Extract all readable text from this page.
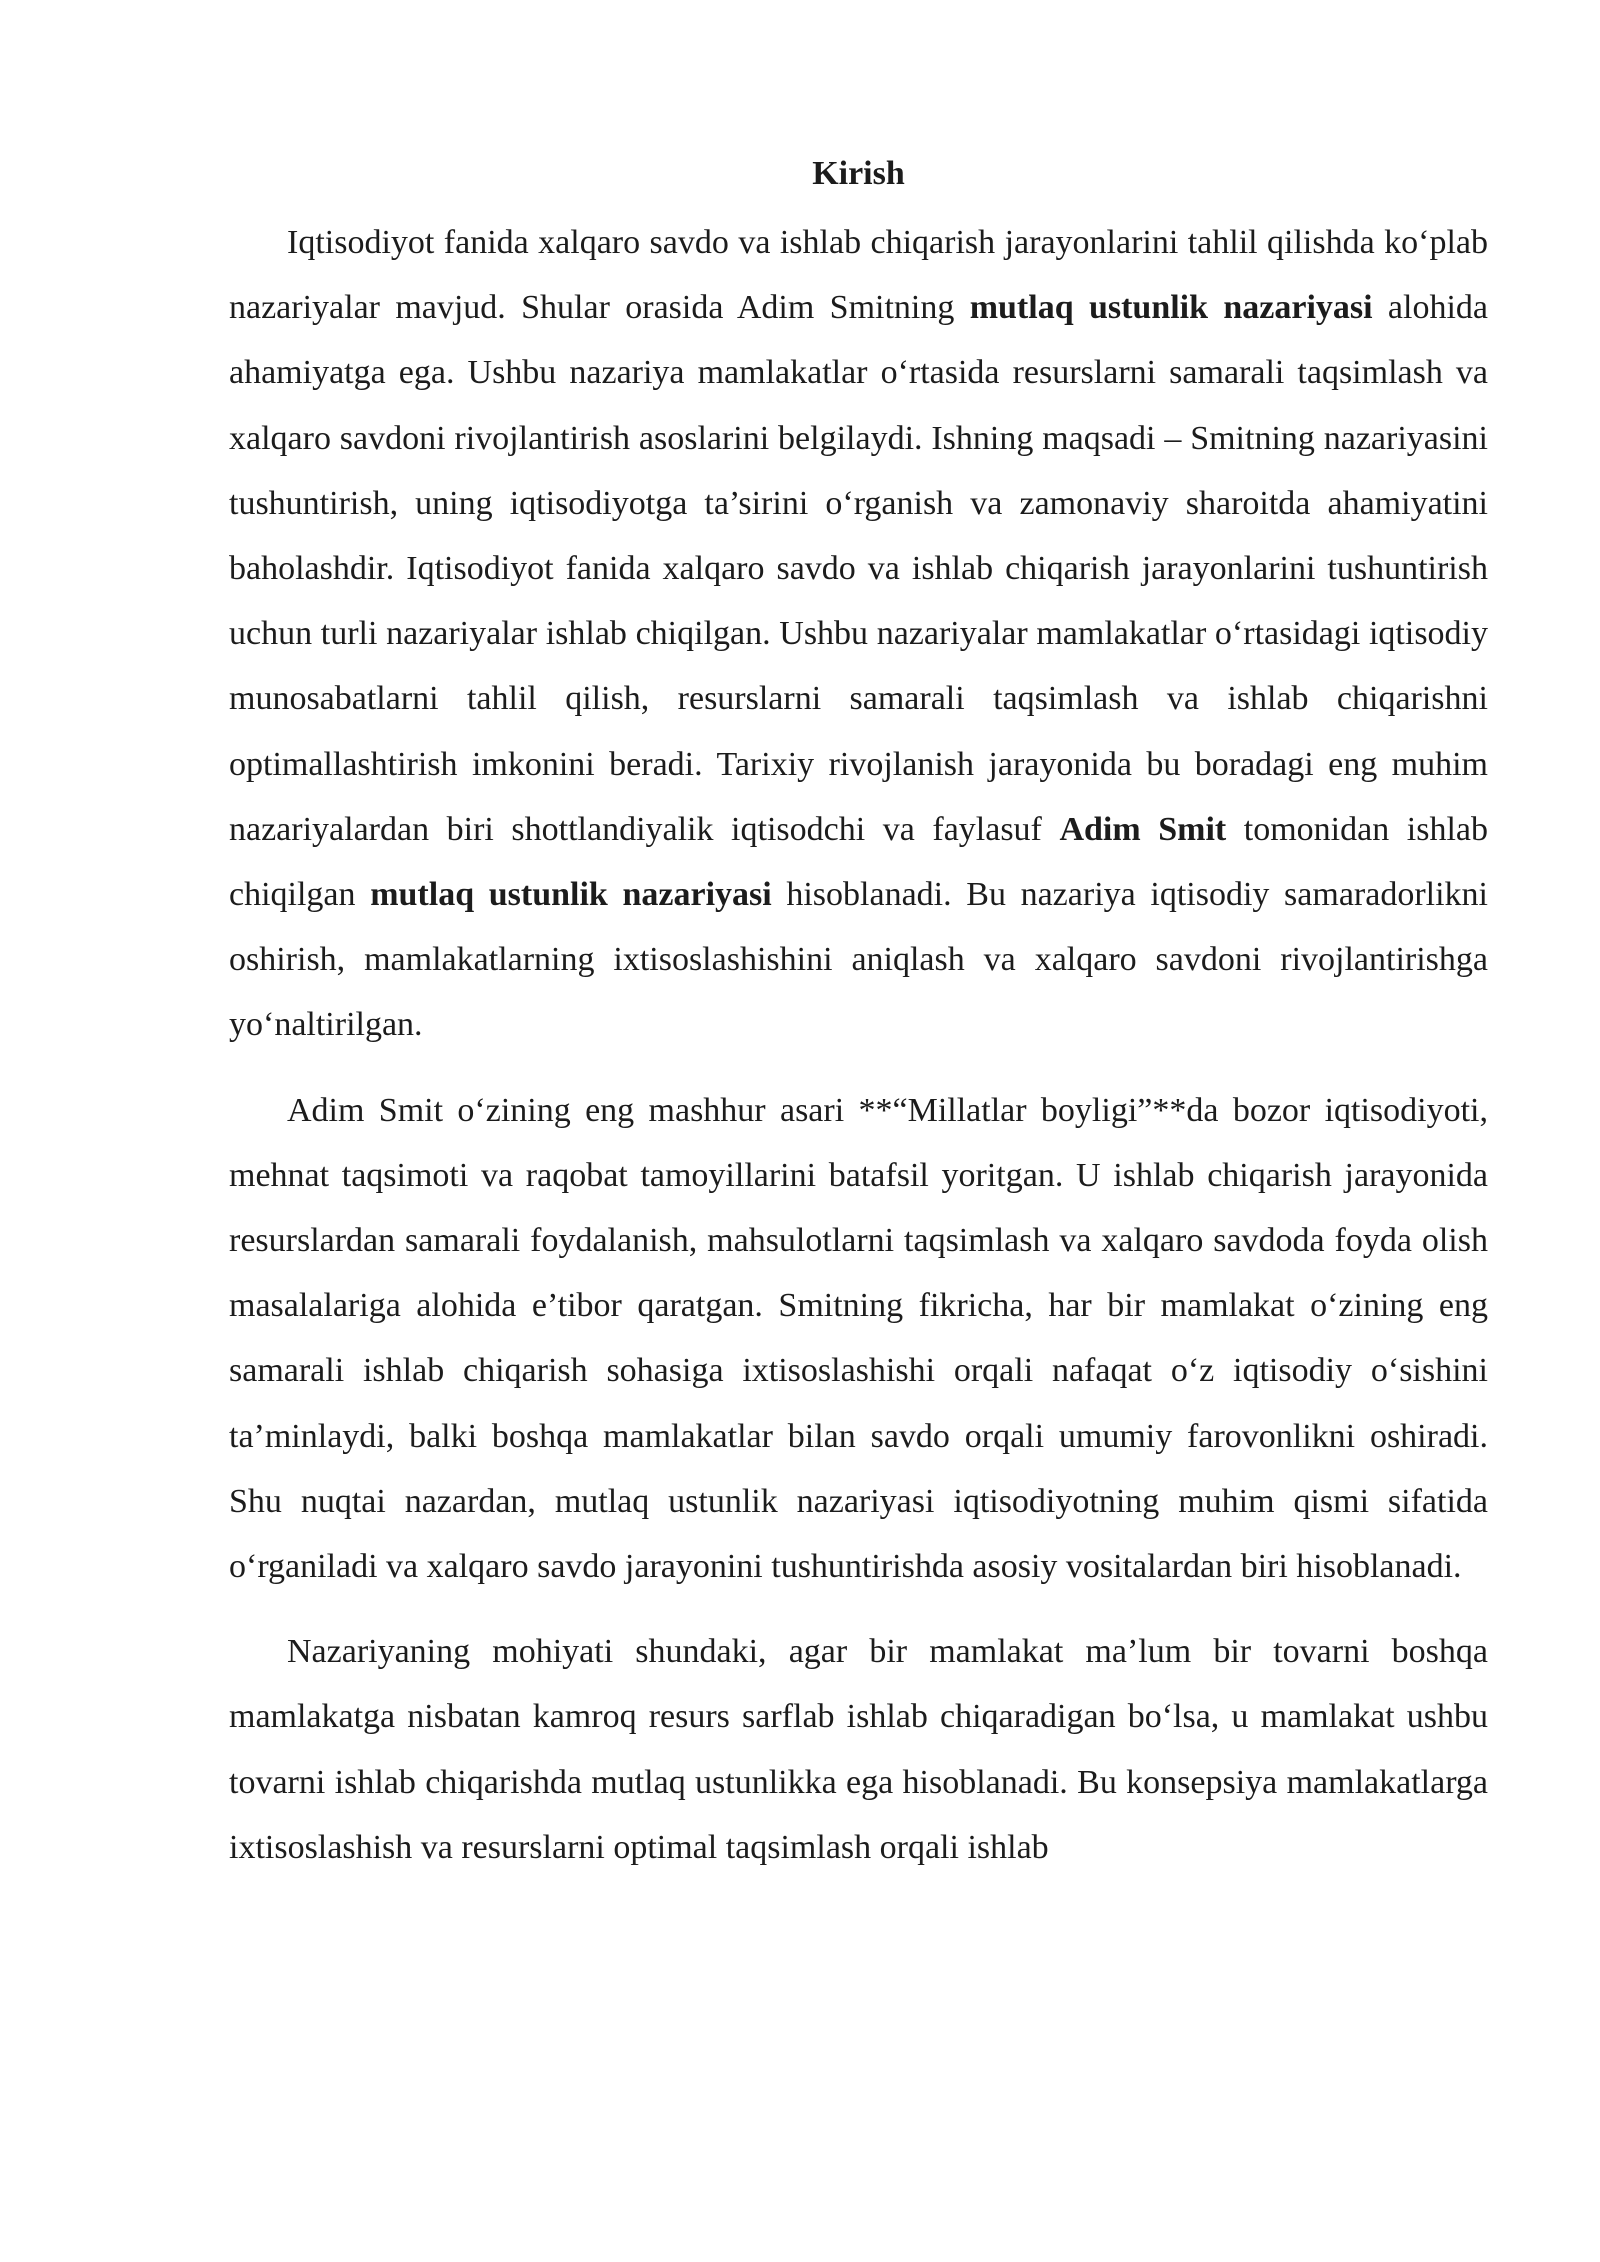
Kirish

Iqtisodiyot fanida xalqaro savdo va ishlab chiqarish jarayonlarini tahlil qilishda ko‘plab nazariyalar mavjud. Shular orasida Adim Smitning mutlaq ustunlik nazariyasi alohida ahamiyatga ega. Ushbu nazariya mamlakatlar o‘rtasida resurslarni samarali taqsimlash va xalqaro savdoni rivojlantirish asoslarini belgilaydi. Ishning maqsadi – Smitning nazariyasini tushuntirish, uning iqtisodiyotga ta’sirini o‘rganish va zamonaviy sharoitda ahamiyatini baholashdir. Iqtisodiyot fanida xalqaro savdo va ishlab chiqarish jarayonlarini tushuntirish uchun turli nazariyalar ishlab chiqilgan. Ushbu nazariyalar mamlakatlar o‘rtasidagi iqtisodiy munosabatlarni tahlil qilish, resurslarni samarali taqsimlash va ishlab chiqarishni optimallashtirish imkonini beradi. Tarixiy rivojlanish jarayonida bu boradagi eng muhim nazariyalardan biri shottlandiyalik iqtisodchi va faylasuf Adim Smit tomonidan ishlab chiqilgan mutlaq ustunlik nazariyasi hisoblanadi. Bu nazariya iqtisodiy samaradorlikni oshirish, mamlakatlarning ixtisoslashishini aniqlash va xalqaro savdoni rivojlantirishga yo‘naltirilgan.

Adim Smit o‘zining eng mashhur asari **“Millatlar boyligi”**da bozor iqtisodiyoti, mehnat taqsimoti va raqobat tamoyillarini batafsil yoritgan. U ishlab chiqarish jarayonida resurslardan samarali foydalanish, mahsulotlarni taqsimlash va xalqaro savdoda foyda olish masalalariga alohida e’tibor qaratgan. Smitning fikricha, har bir mamlakat o‘zining eng samarali ishlab chiqarish sohasiga ixtisoslashishi orqali nafaqat o‘z iqtisodiy o‘sishini ta’minlaydi, balki boshqa mamlakatlar bilan savdo orqali umumiy farovonlikni oshiradi. Shu nuqtai nazardan, mutlaq ustunlik nazariyasi iqtisodiyotning muhim qismi sifatida o‘rganiladi va xalqaro savdo jarayonini tushuntirishda asosiy vositalardan biri hisoblanadi.

Nazariyaning mohiyati shundaki, agar bir mamlakat ma’lum bir tovarni boshqa mamlakatga nisbatan kamroq resurs sarflab ishlab chiqaradigan bo‘lsa, u mamlakat ushbu tovarni ishlab chiqarishda mutlaq ustunlikka ega hisoblanadi. Bu konsepsiya mamlakatlarga ixtisoslashish va resurslarni optimal taqsimlash orqali ishlab
